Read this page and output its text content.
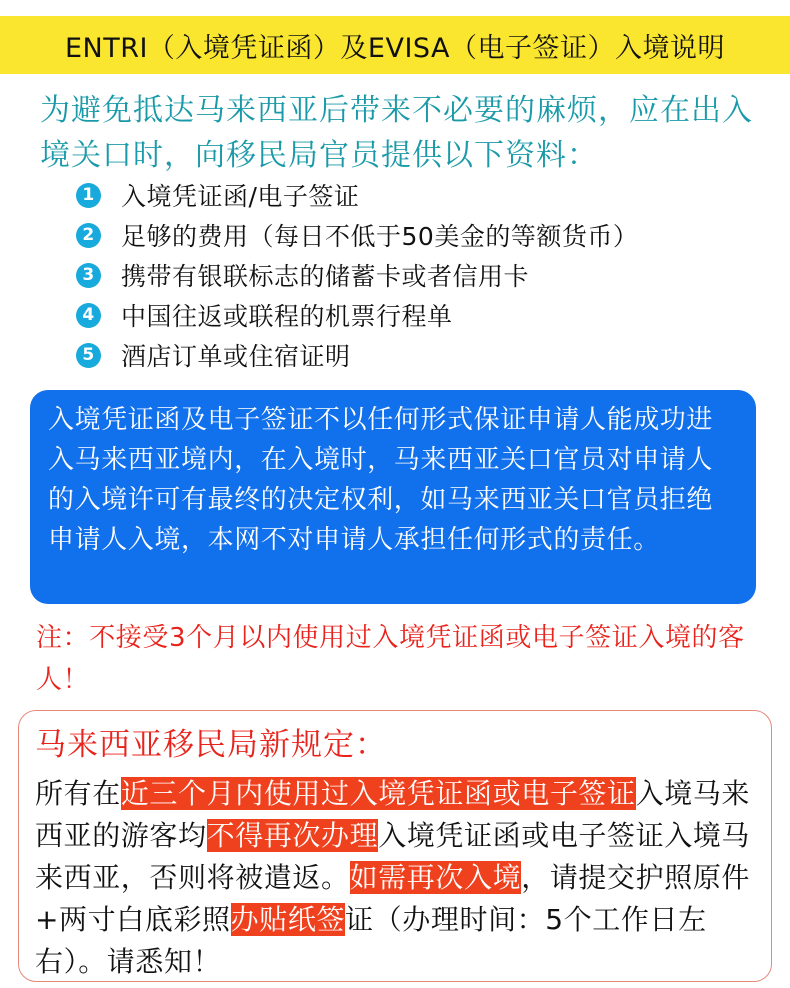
ENTRI（入境凭证函）及EVISA（电子签证）入境说明
为避免抵达马来西亚后带来不必要的麻烦，应在出入境关口时，向移民局官员提供以下资料：
1 入境凭证函/电子签证
2 足够的费用（每日不低于50美金的等额货币）
3 携带有银联标志的储蓄卡或者信用卡
4 中国往返或联程的机票行程单
5 酒店订单或住宿证明
入境凭证函及电子签证不以任何形式保证申请人能成功进入马来西亚境内，在入境时，马来西亚关口官员对申请人的入境许可有最终的决定权利，如马来西亚关口官员拒绝申请人入境，本网不对申请人承担任何形式的责任。
注：不接受3个月以内使用过入境凭证函或电子签证入境的客人！
马来西亚移民局新规定：
所有在近三个月内使用过入境凭证函或电子签证入境马来西亚的游客均不得再次办理入境凭证函或电子签证入境马来西亚，否则将被遣返。如需再次入境，请提交护照原件+两寸白底彩照办贴纸签证（办理时间：5个工作日左右）。请悉知！
